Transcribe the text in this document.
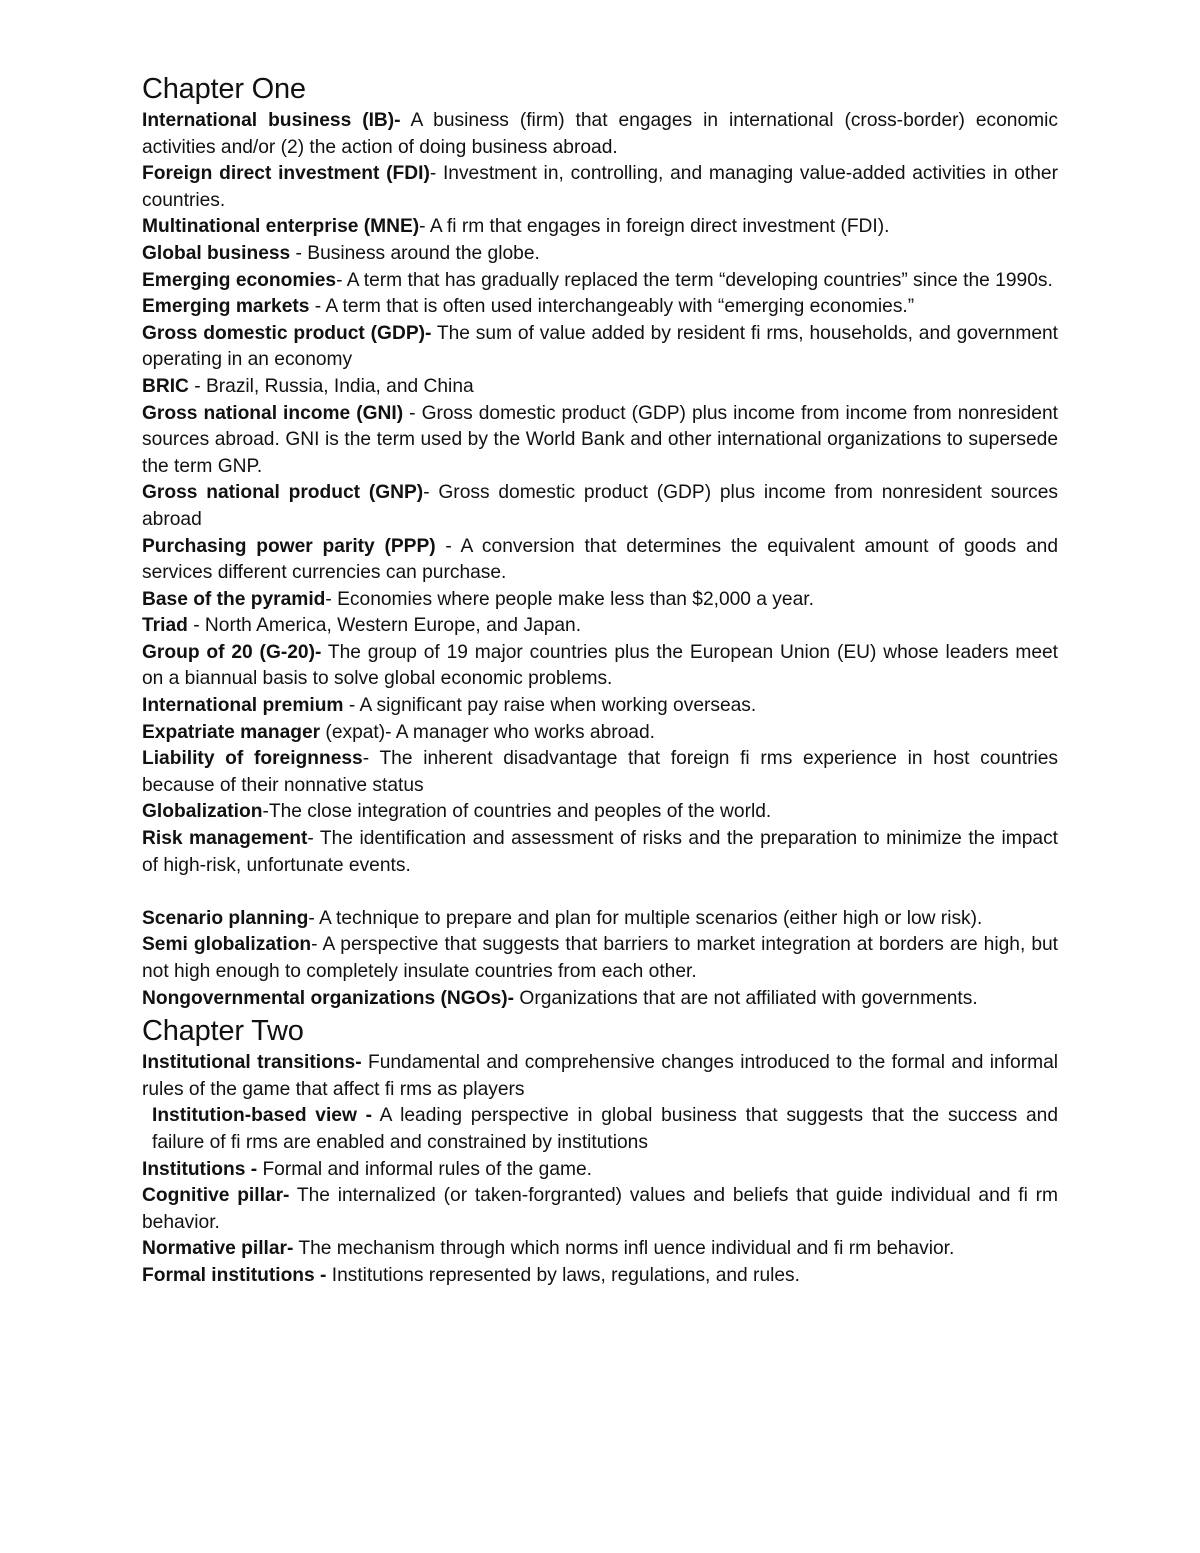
Chapter One

International business (IB)- A business (firm) that engages in international (cross-border) economic activities and/or (2) the action of doing business abroad.

Foreign direct investment (FDI)- Investment in, controlling, and managing value-added activities in other countries.

Multinational enterprise (MNE)- A fi rm that engages in foreign direct investment (FDI).

Global business - Business around the globe.

Emerging economies- A term that has gradually replaced the term “developing countries” since the 1990s.

Emerging markets - A term that is often used interchangeably with “emerging economies.”

Gross domestic product (GDP)- The sum of value added by resident fi rms, households, and government operating in an economy

BRIC - Brazil, Russia, India, and China

Gross national income (GNI) - Gross domestic product (GDP) plus income from income from nonresident sources abroad. GNI is the term used by the World Bank and other international organizations to supersede the term GNP.

Gross national product (GNP)- Gross domestic product (GDP) plus income from nonresident sources abroad

Purchasing power parity (PPP) - A conversion that determines the equivalent amount of goods and services different currencies can purchase.

Base of the pyramid- Economies where people make less than $2,000 a year.

Triad - North America, Western Europe, and Japan.

Group of 20 (G-20)- The group of 19 major countries plus the European Union (EU) whose leaders meet on a biannual basis to solve global economic problems.

International premium - A significant pay raise when working overseas.

Expatriate manager (expat)- A manager who works abroad.

Liability of foreignness- The inherent disadvantage that foreign fi rms experience in host countries because of their nonnative status

Globalization-The close integration of countries and peoples of the world.

Risk management- The identification and assessment of risks and the preparation to minimize the impact of high-risk, unfortunate events.

Scenario planning- A technique to prepare and plan for multiple scenarios (either high or low risk).

Semi globalization- A perspective that suggests that barriers to market integration at borders are high, but not high enough to completely insulate countries from each other.

Nongovernmental organizations (NGOs)- Organizations that are not affiliated with governments.

Chapter Two

Institutional transitions- Fundamental and comprehensive changes introduced to the formal and informal rules of the game that affect fi rms as players

Institution-based view - A leading perspective in global business that suggests that the success and failure of fi rms are enabled and constrained by institutions

Institutions - Formal and informal rules of the game.

Cognitive pillar- The internalized (or taken-forgranted) values and beliefs that guide individual and fi rm behavior.

Normative pillar- The mechanism through which norms infl uence individual and fi rm behavior.

Formal institutions - Institutions represented by laws, regulations, and rules.
